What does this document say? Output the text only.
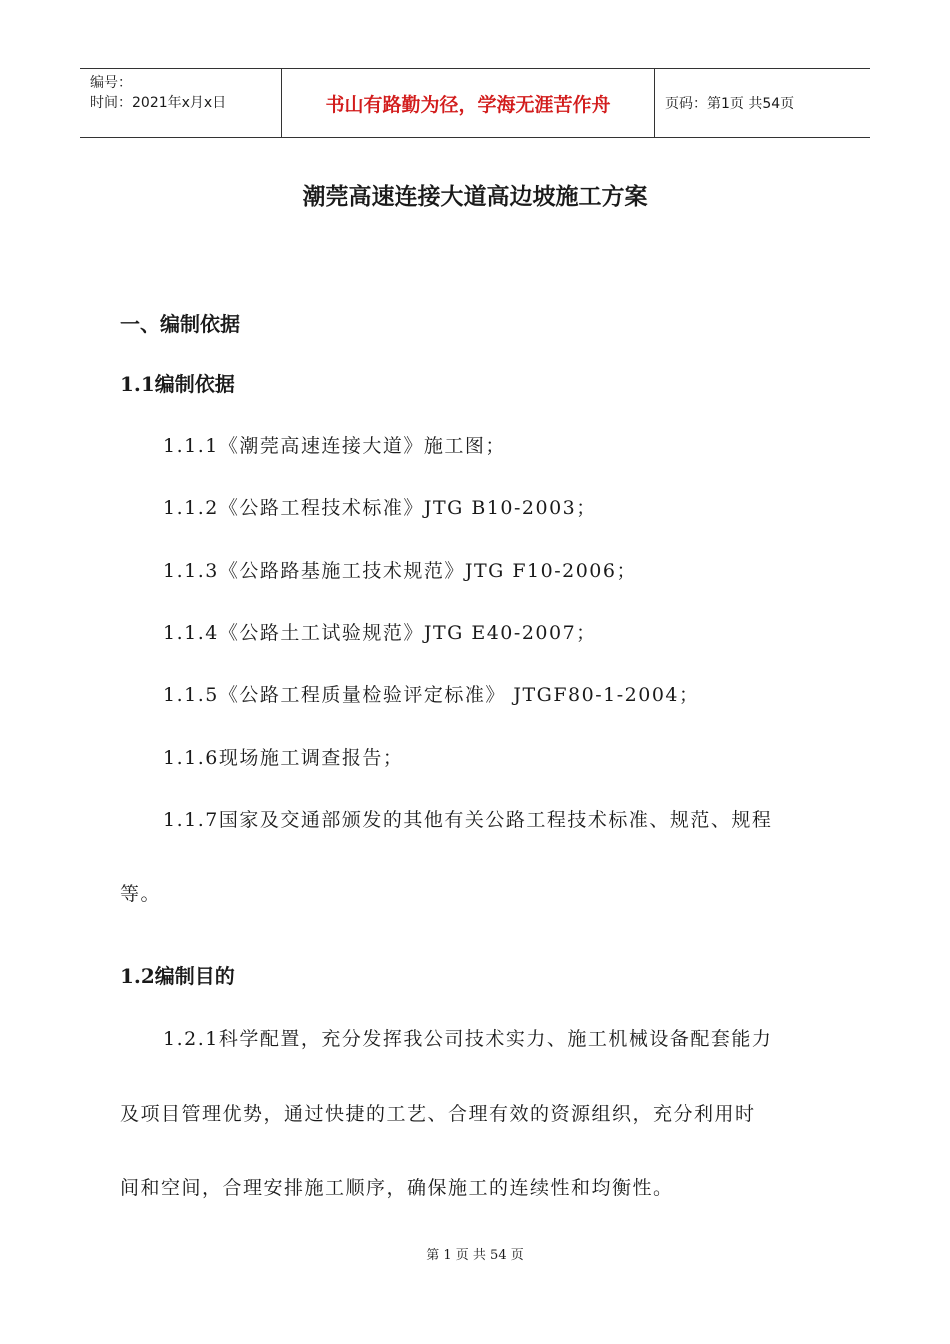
编号：
时间：2021年x月x日	书山有路勤为径，学海无涯苦作舟	页码：第1页 共54页
潮莞高速连接大道高边坡施工方案
一、编制依据
1.1编制依据
1.1.1《潮莞高速连接大道》施工图；
1.1.2《公路工程技术标准》JTG B10-2003；
1.1.3《公路路基施工技术规范》JTG F10-2006；
1.1.4《公路土工试验规范》JTG E40-2007；
1.1.5《公路工程质量检验评定标准》 JTGF80-1-2004；
1.1.6现场施工调查报告；
1.1.7国家及交通部颁发的其他有关公路工程技术标准、规范、规程
等。
1.2编制目的
1.2.1科学配置，充分发挥我公司技术实力、施工机械设备配套能力
及项目管理优势，通过快捷的工艺、合理有效的资源组织，充分利用时
间和空间，合理安排施工顺序，确保施工的连续性和均衡性。
第 1 页 共 54 页
